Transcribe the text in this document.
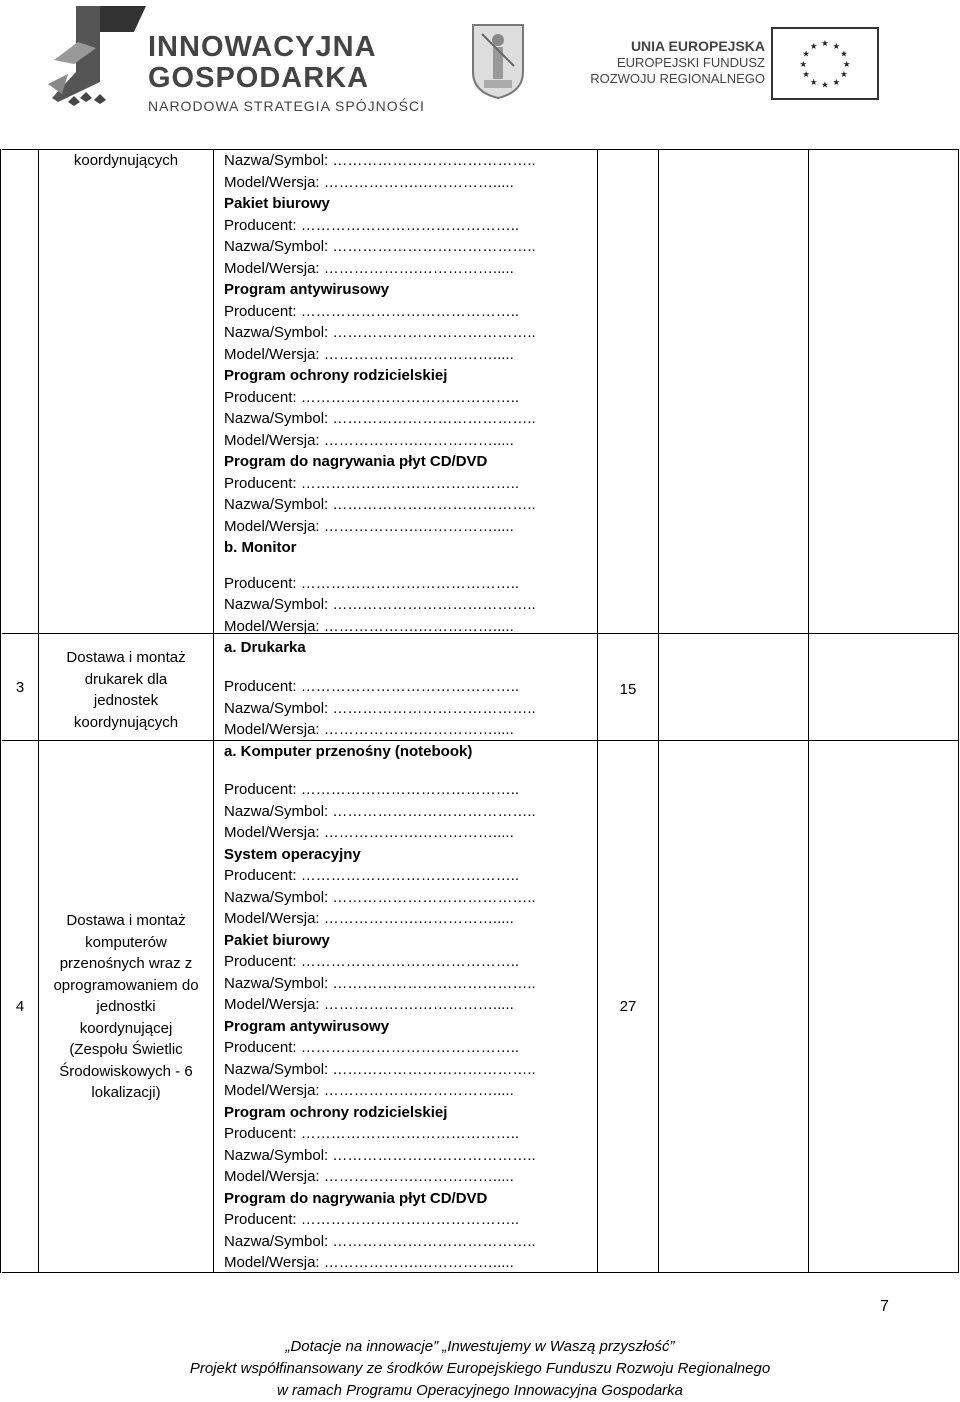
INNOWACYJNA
GOSPODARKA
NARODOWA STRATEGIA SPÓJNOŚCI
UNIA EUROPEJSKA
EUROPEJSKI FUNDUSZ
ROZWOJU REGIONALNEGO
★ ★
★
★
★
★
★
★
★
★
★
★
koordynujących	Nazwa/Symbol: …………………………………..
Model/Wersja: ……………….…………….....
Pakiet biurowy
Producent: ……………………………………..
Nazwa/Symbol: …………………………………..
Model/Wersja: ……………….…………….....
Program antywirusowy
Producent: ……………………………………..
Nazwa/Symbol: …………………………………..
Model/Wersja: ……………….…………….....
Program ochrony rodzicielskiej
Producent: ……………………………………..
Nazwa/Symbol: …………………………………..
Model/Wersja: ……………….…………….....
Program do nagrywania płyt CD/DVD
Producent: ……………………………………..
Nazwa/Symbol: …………………………………..
Model/Wersja: ……………….…………….....
b. Monitor
Producent: ……………………………………..
Nazwa/Symbol: …………………………………..
Model/Wersja: ……………….…………….....
a. Drukarka
3
Dostawa i montaż drukarek dla jednostek koordynujących
Producent: ……………………………………..
Nazwa/Symbol: …………………………………..
Model/Wersja: ……………….…………….....
a. Komputer przenośny (notebook)
15
4
Dostawa i montaż komputerów przenośnych wraz z oprogramowaniem do jednostki koordynującej (Zespołu Świetlic Środowiskowych - 6 lokalizacji)
Producent: ……………………………………..
Nazwa/Symbol: …………………………………..
Model/Wersja: ……………….…………….....
System operacyjny
Producent: ……………………………………..
Nazwa/Symbol: …………………………………..
Model/Wersja: ……………….…………….....
Pakiet biurowy
Producent: ……………………………………..
Nazwa/Symbol: …………………………………..
Model/Wersja: ……………….…………….....
Program antywirusowy
Producent: ……………………………………..
Nazwa/Symbol: …………………………………..
Model/Wersja: ……………….…………….....
Program ochrony rodzicielskiej
Producent: ……………………………………..
Nazwa/Symbol: …………………………………..
Model/Wersja: ……………….…………….....
Program do nagrywania płyt CD/DVD
Producent: ……………………………………..
Nazwa/Symbol: …………………………………..
Model/Wersja: ……………….…………….....
27
7
„Dotacje na innowacje” „Inwestujemy w Waszą przyszłość”
Projekt współfinansowany ze środków Europejskiego Funduszu Rozwoju Regionalnego
w ramach Programu Operacyjnego Innowacyjna Gospodarka
